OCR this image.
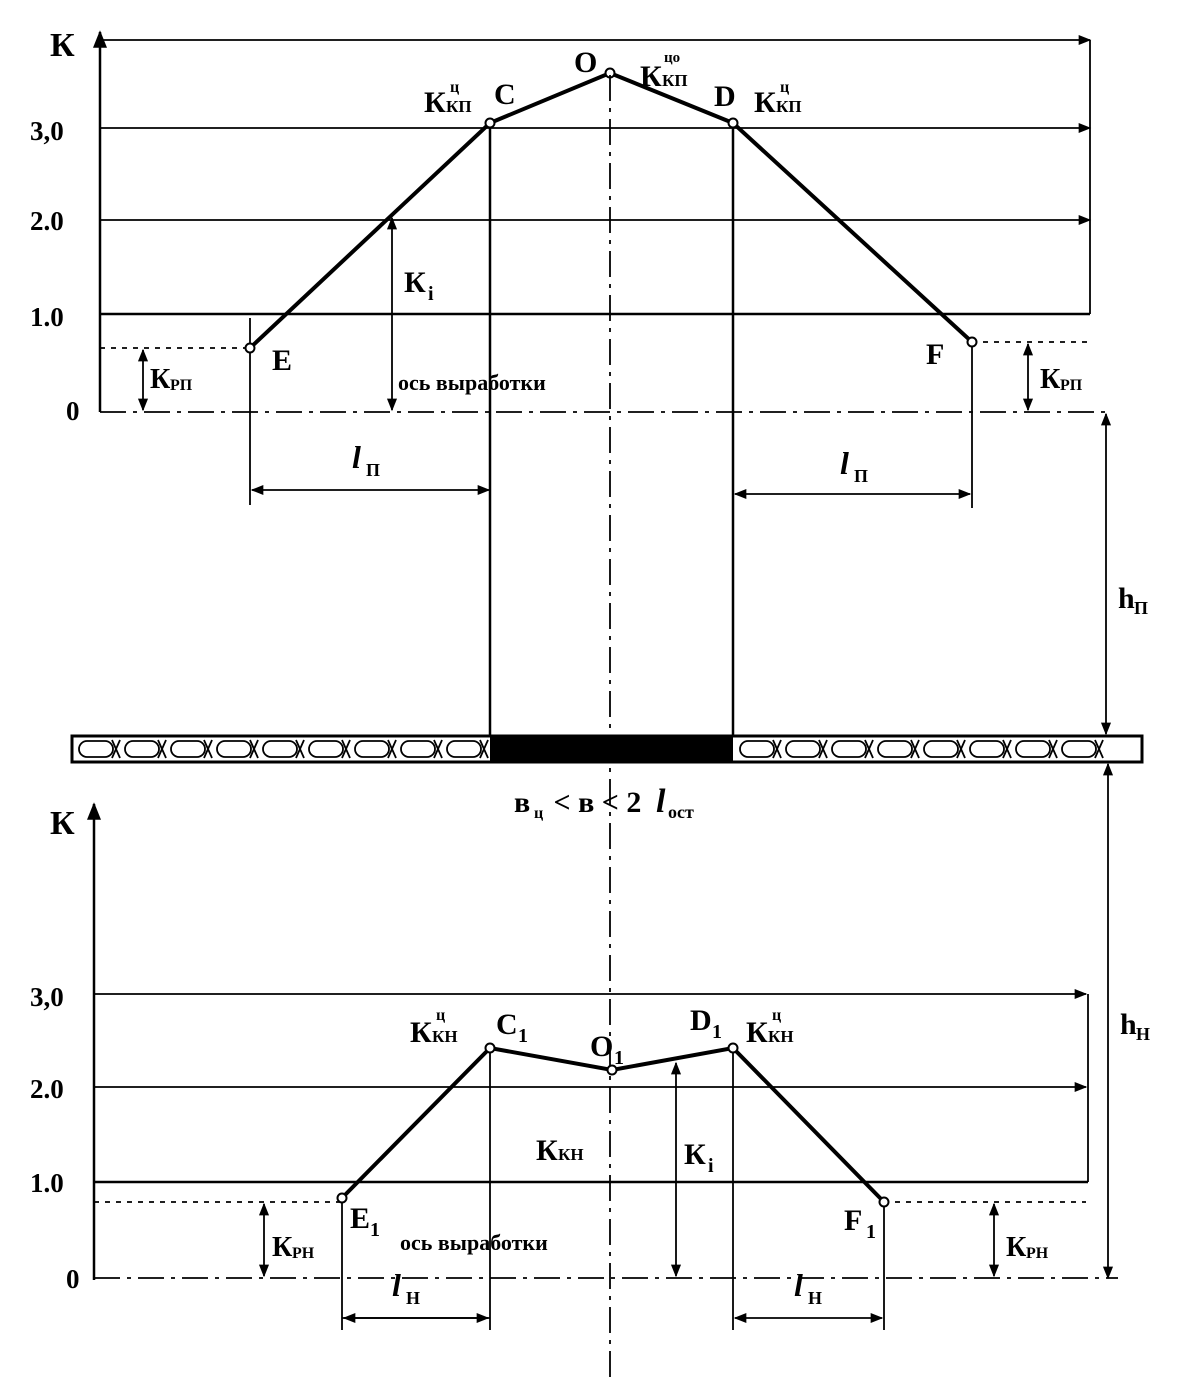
К
3,0
2.0
1.0
0
E
C
O
D
F
К ц
КП
К
цо
КП
К ц
КП
К i
К РП	К РП
ось выработки
l П	l П
в ц < в < 2 l ост
h П
h Н
К
3,0
2.0
1.0
0
E 1
C 1 O 1
D 1
F 1
К
ц
КН	К
ц
КН
К КН	К i
К РН	К РН
ось выработки
l Н	l Н
